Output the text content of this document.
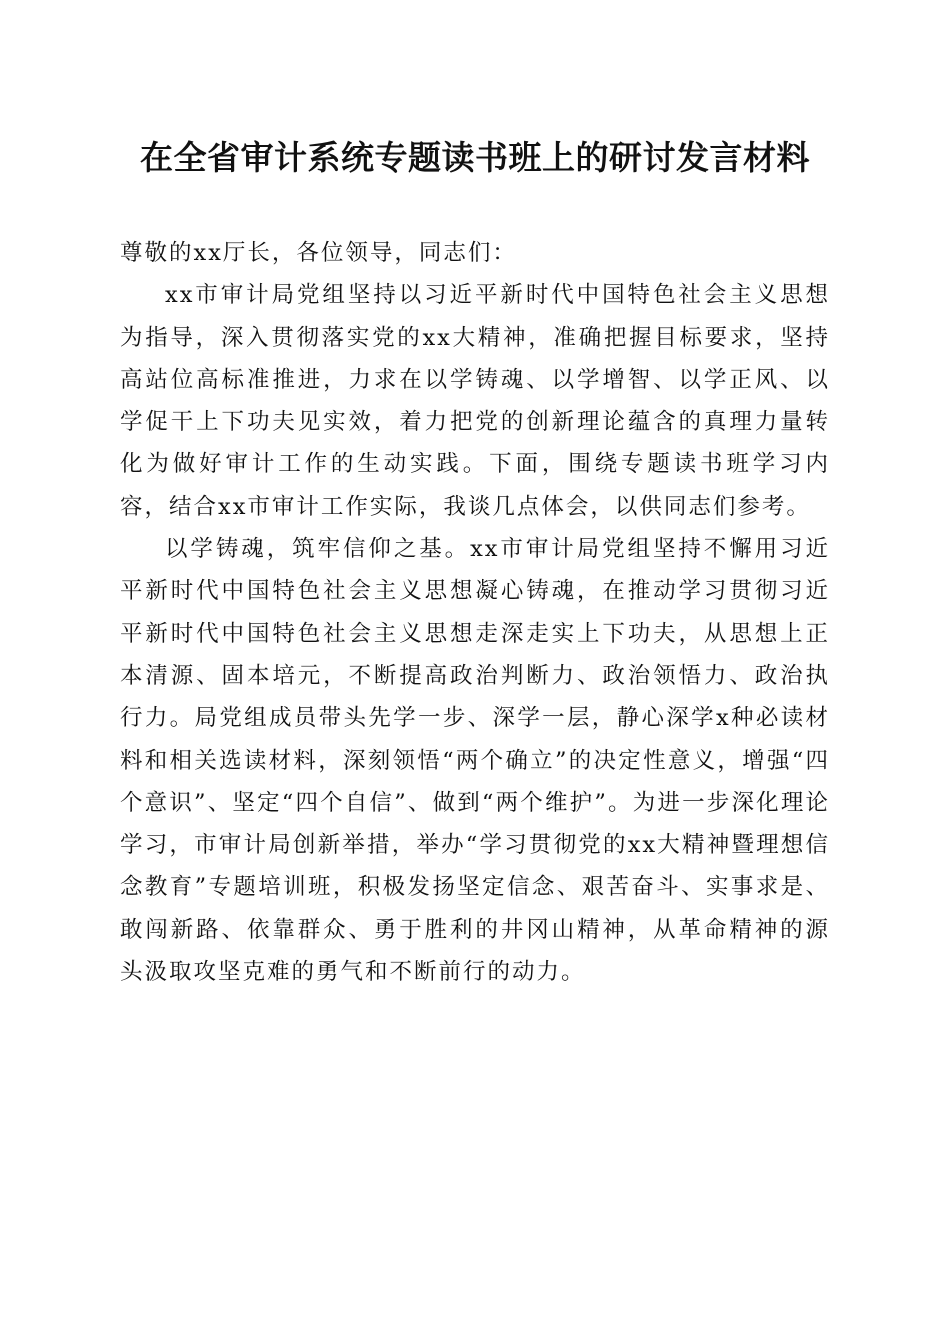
在全省审计系统专题读书班上的研讨发言材料

尊敬的xx厅长，各位领导，同志们：

xx市审计局党组坚持以习近平新时代中国特色社会主义思想为指导，深入贯彻落实党的xx大精神，准确把握目标要求，坚持高站位高标准推进，力求在以学铸魂、以学增智、以学正风、以学促干上下功夫见实效，着力把党的创新理论蕴含的真理力量转化为做好审计工作的生动实践。下面，围绕专题读书班学习内容，结合xx市审计工作实际，我谈几点体会，以供同志们参考。

以学铸魂，筑牢信仰之基。xx市审计局党组坚持不懈用习近平新时代中国特色社会主义思想凝心铸魂，在推动学习贯彻习近平新时代中国特色社会主义思想走深走实上下功夫，从思想上正本清源、固本培元，不断提高政治判断力、政治领悟力、政治执行力。局党组成员带头先学一步、深学一层，静心深学x种必读材料和相关选读材料，深刻领悟“两个确立”的决定性意义，增强“四个意识”、坚定“四个自信”、做到“两个维护”。为进一步深化理论学习，市审计局创新举措，举办“学习贯彻党的xx大精神暨理想信念教育”专题培训班，积极发扬坚定信念、艰苦奋斗、实事求是、敢闯新路、依靠群众、勇于胜利的井冈山精神，从革命精神的源头汲取攻坚克难的勇气和不断前行的动力。
